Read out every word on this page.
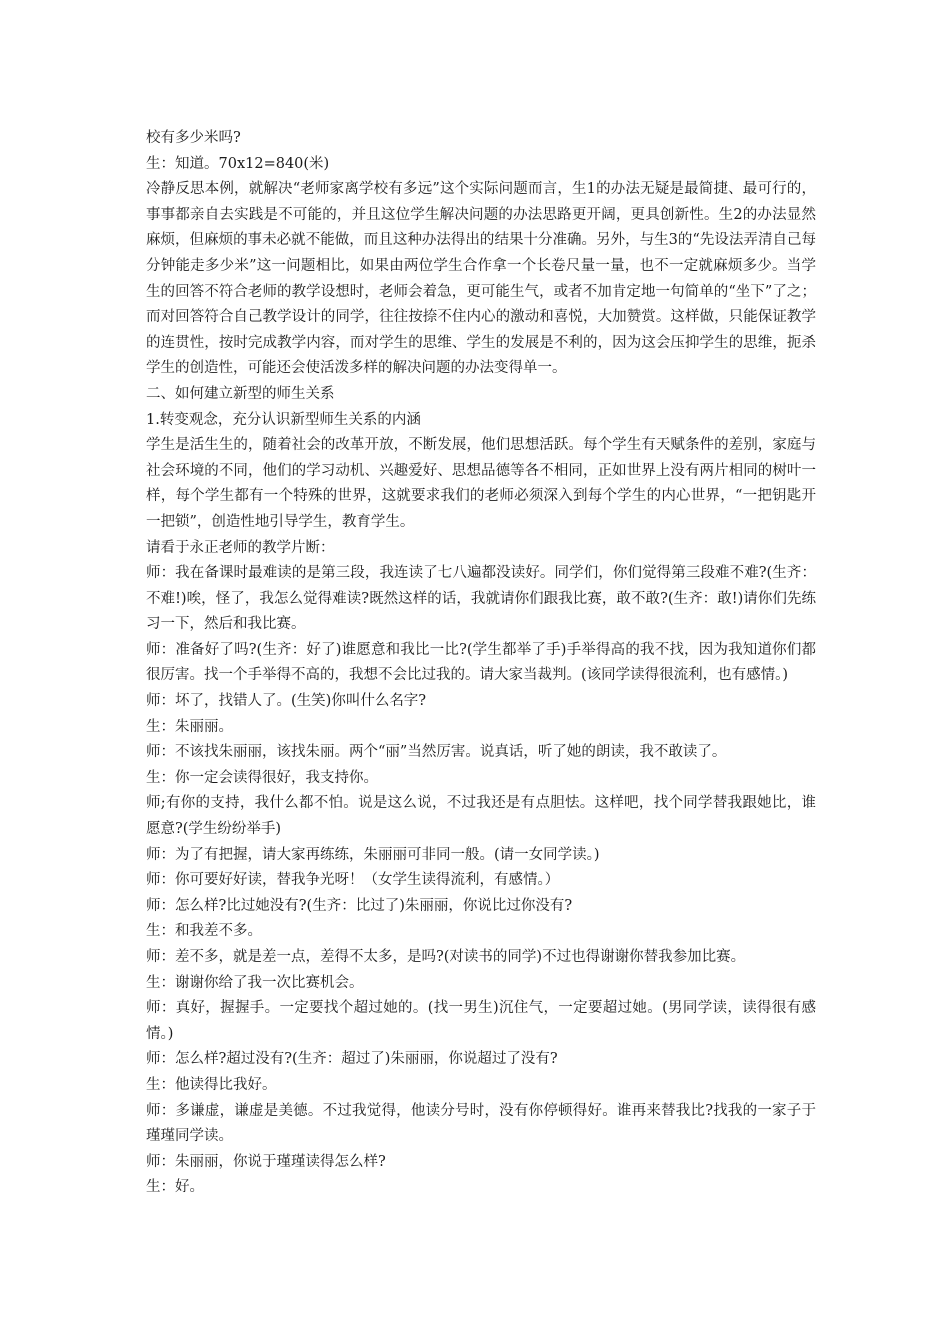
校有多少米吗?

生：知道。70x12=840(米)

冷静反思本例，就解决“老师家离学校有多远”这个实际问题而言，生1的办法无疑是最简捷、最可行的，事事都亲自去实践是不可能的，并且这位学生解决问题的办法思路更开阔，更具创新性。生2的办法显然麻烦，但麻烦的事未必就不能做，而且这种办法得出的结果十分准确。另外，与生3的“先设法弄清自己每分钟能走多少米”这一问题相比，如果由两位学生合作拿一个长卷尺量一量，也不一定就麻烦多少。当学生的回答不符合老师的教学设想时，老师会着急，更可能生气，或者不加肯定地一句简单的“坐下”了之；而对回答符合自己教学设计的同学，往往按捺不住内心的激动和喜悦，大加赞赏。这样做，只能保证教学的连贯性，按时完成教学内容，而对学生的思维、学生的发展是不利的，因为这会压抑学生的思维，扼杀学生的创造性，可能还会使活泼多样的解决问题的办法变得单一。

二、如何建立新型的师生关系

1.转变观念，充分认识新型师生关系的内涵

学生是活生生的，随着社会的改革开放，不断发展，他们思想活跃。每个学生有天赋条件的差别，家庭与社会环境的不同，他们的学习动机、兴趣爱好、思想品德等各不相同，正如世界上没有两片相同的树叶一样，每个学生都有一个特殊的世界，这就要求我们的老师必须深入到每个学生的内心世界，“一把钥匙开一把锁”，创造性地引导学生，教育学生。

请看于永正老师的教学片断：

师：我在备课时最难读的是第三段，我连读了七八遍都没读好。同学们，你们觉得第三段难不难?(生齐：不难!)唉，怪了，我怎么觉得难读?既然这样的话，我就请你们跟我比赛，敢不敢?(生齐：敢!)请你们先练习一下，然后和我比赛。

师：准备好了吗?(生齐：好了)谁愿意和我比一比?(学生都举了手)手举得高的我不找，因为我知道你们都很厉害。找一个手举得不高的，我想不会比过我的。请大家当裁判。(该同学读得很流利，也有感情。)

师：坏了，找错人了。(生笑)你叫什么名字?

生：朱丽丽。

师：不该找朱丽丽，该找朱丽。两个“丽”当然厉害。说真话，听了她的朗读，我不敢读了。

生：你一定会读得很好，我支持你。

师;有你的支持，我什么都不怕。说是这么说，不过我还是有点胆怯。这样吧，找个同学替我跟她比，谁愿意?(学生纷纷举手)

师：为了有把握，请大家再练练，朱丽丽可非同一般。(请一女同学读。)

师：你可要好好读，替我争光呀！（女学生读得流利，有感情。）

师：怎么样?比过她没有?(生齐：比过了)朱丽丽，你说比过你没有?

生：和我差不多。

师：差不多，就是差一点，差得不太多，是吗?(对读书的同学)不过也得谢谢你替我参加比赛。

生：谢谢你给了我一次比赛机会。

师：真好，握握手。一定要找个超过她的。(找一男生)沉住气，一定要超过她。(男同学读，读得很有感情。)

师：怎么样?超过没有?(生齐：超过了)朱丽丽，你说超过了没有?

生：他读得比我好。

师：多谦虚，谦虚是美德。不过我觉得，他读分号时，没有你停顿得好。谁再来替我比?找我的一家子于瑾瑾同学读。

师：朱丽丽，你说于瑾瑾读得怎么样?

生：好。
